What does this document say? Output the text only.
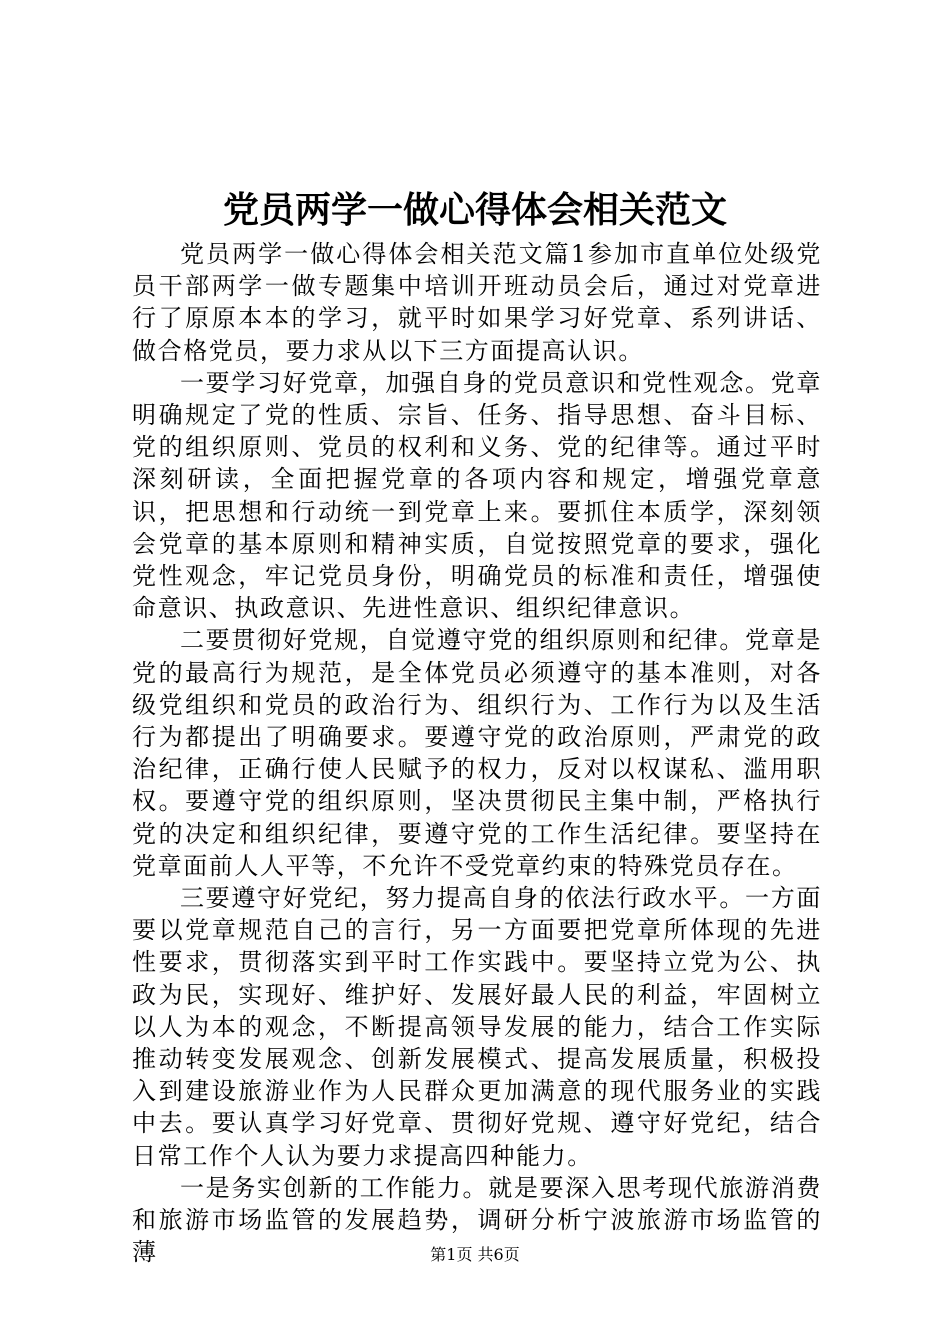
党员两学一做心得体会相关范文

党员两学一做心得体会相关范文篇1参加市直单位处级党员干部两学一做专题集中培训开班动员会后，通过对党章进行了原原本本的学习，就平时如果学习好党章、系列讲话、做合格党员，要力求从以下三方面提高认识。

一要学习好党章，加强自身的党员意识和党性观念。党章明确规定了党的性质、宗旨、任务、指导思想、奋斗目标、党的组织原则、党员的权利和义务、党的纪律等。通过平时深刻研读，全面把握党章的各项内容和规定，增强党章意识，把思想和行动统一到党章上来。要抓住本质学，深刻领会党章的基本原则和精神实质，自觉按照党章的要求，强化党性观念，牢记党员身份，明确党员的标准和责任，增强使命意识、执政意识、先进性意识、组织纪律意识。

二要贯彻好党规，自觉遵守党的组织原则和纪律。党章是党的最高行为规范，是全体党员必须遵守的基本准则，对各级党组织和党员的政治行为、组织行为、工作行为以及生活行为都提出了明确要求。要遵守党的政治原则，严肃党的政治纪律，正确行使人民赋予的权力，反对以权谋私、滥用职权。要遵守党的组织原则，坚决贯彻民主集中制，严格执行党的决定和组织纪律，要遵守党的工作生活纪律。要坚持在党章面前人人平等，不允许不受党章约束的特殊党员存在。

三要遵守好党纪，努力提高自身的依法行政水平。一方面要以党章规范自己的言行，另一方面要把党章所体现的先进性要求，贯彻落实到平时工作实践中。要坚持立党为公、执政为民，实现好、维护好、发展好最人民的利益，牢固树立以人为本的观念，不断提高领导发展的能力，结合工作实际推动转变发展观念、创新发展模式、提高发展质量，积极投入到建设旅游业作为人民群众更加满意的现代服务业的实践中去。要认真学习好党章、贯彻好党规、遵守好党纪，结合日常工作个人认为要力求提高四种能力。

一是务实创新的工作能力。就是要深入思考现代旅游消费和旅游市场监管的发展趋势，调研分析宁波旅游市场监管的薄	第1页 共6页
